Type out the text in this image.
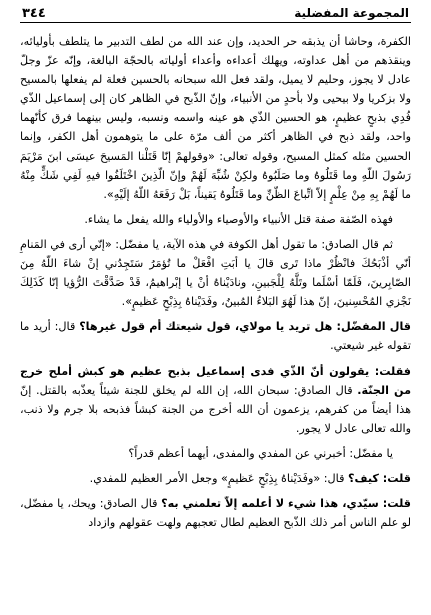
المجموعة المفضلية
٣٤٤

الكفرة، وحاشا أن يذبقه حر الحديد، وإن عند الله من لطف التدبير ما يتلطف بأوليائه، وينقذهم من أهل عداوته، ويهلك أعداءه وأعداء أولياته بالحجّة البالغة، وإنّه عزّ وجلّ عادل لا يجوز، وحليم لا يميل، ولقد فعل الله سبحانه بالحسين فعلة لم يفعلها بالمسيح ولا بزكريا ولا بيحيى ولا بأحدٍ من الأنبياء، وإنّ الذّبح في الظاهر كان إلى إسماعيل الذّي فُدِي بذبحٍ عظيمٍ، هو الحسين الذّي هو عينه واسمه ونسبه، وليس بينهما فرق كأنّهما واحد، ولقد ذبح في الظاهر أكثر من ألف مرّة على ما يتوهمون أهل الكفر، وإنما الحسين مثله كمثل المسيح، وقوله تعالى: «وقولهمْ إنّا قَتَلْنا المَسيحَ عيسَى ابنَ مَرْيَمَ رَسُولَ اللّهِ وما قَتَلُوهُ وما صَلَبُوهُ ولكِنْ شُبِّهَ لَهُمْ وإنّ الّذِينَ اخْتَلَفُوا فيهِ لَفِي شَكٍّ مِنْهُ ما لَهُمْ بِهِ مِنْ عِلْمٍ إلاّ اتِّباعَ الظّنِّ وما قَتَلُوهُ يَقيناً، بَلْ رَفَعَهُ اللّهُ إلَيْهِ».

فهذه الصّفة صفة قتل الأنبياء والأوصياء والأولياء والله يفعل ما يشاء.

ثم قال الصادق: ما تقول أهل الكوفة في هذه الآية، يا مفضّل: «إنّي أرى في المَنامِ أنّي أذْبَحُكَ فانْظُرْ ماذا تَرى قالَ يا أبَتِ افْعَلْ ما تُؤمَرُ سَتَجِدُني إنْ شاءَ اللّهُ مِنَ الصّابِرينَ، فَلَمّا أسْلَما وتَلَّهُ لِلْجَبينِ، ونادَيْناهُ أنْ يا إبْراهيمُ، قَدْ صَدَّقْتَ الرُّؤيا إنّا كَذَلِكَ نَجْزي المُحْسِنينَ، إنّ هذا لَهُوَ البَلاءُ المُبينُ، وفَدَيْناهُ بِذِبْحٍ عَظيمٍ».

قال المفضّل: هل تريد يا مولاي، قول شيعتك أم قول غيرها؟ قال: أريد ما تقوله غير شيعتي.

فقلت: يقولون أنّ الذّي فدى إسماعيل بذبح عظيم هو كبش أملح خرج من الجنّة. قال الصادق: سبحان الله، إن الله لم يخلق للجنة شيئاً يعذّبه بالقتل. إنّ هذا أيضاً من كفرهم، يزعمون أن الله أخرج من الجنة كبشاً فذبحه بلا جرم ولا ذنب، والله تعالى عادل لا يجور.

يا مفضّل: أخبرني عن المفدي والمفدى، أيهما أعظم قدراً؟

قلت: كيف؟ قال: «وفَدَيْناهُ بِذِبْحٍ عَظيمٍ» وجعل الأمر العظيم للمفدي.

قلت: سيّدي، هذا شيء لا أعلمه إلاّ تعلمني به؟ قال الصادق: ويحك، يا مفضّل، لو علم الناس أمر ذلك الذّبح العظيم لطال تعجبهم ولهت عقولهم وازداد
